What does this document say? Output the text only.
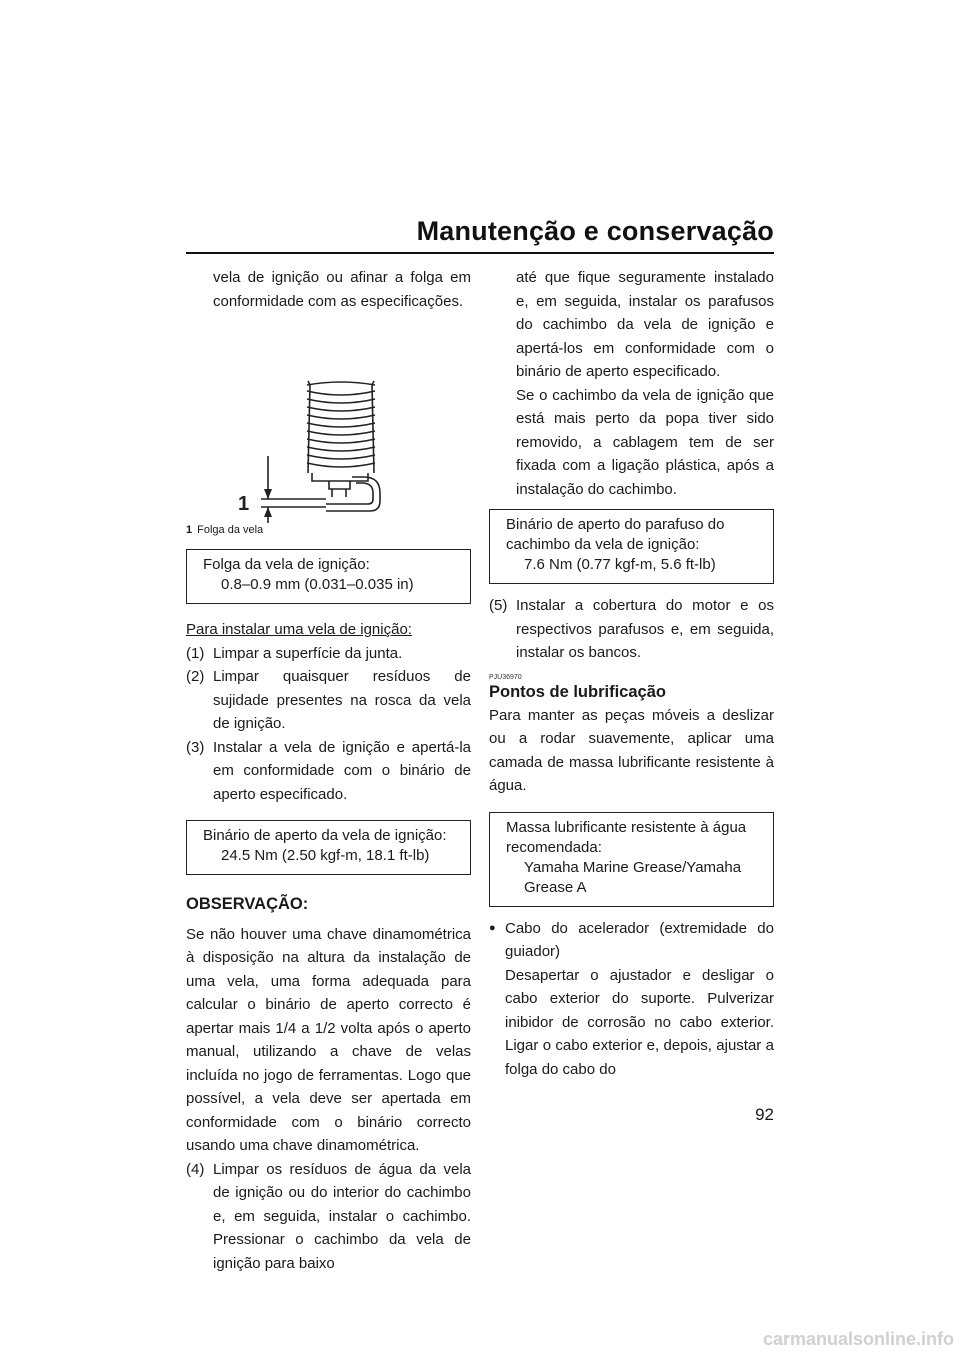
Manutenção e conservação

vela de ignição ou afinar a folga em conformidade com as especificações.

1
1 Folga da vela
Folga da vela de ignição:
0.8–0.9 mm (0.031–0.035 in)

Para instalar uma vela de ignição:

(1) Limpar a superfície da junta.
(2) Limpar quaisquer resíduos de sujidade presentes na rosca da vela de ignição.
(3) Instalar a vela de ignição e apertá-la em conformidade com o binário de aperto especificado.
Binário de aperto da vela de ignição:
24.5 Nm (2.50 kgf-m, 18.1 ft-lb)
OBSERVAÇÃO:

Se não houver uma chave dinamométrica à disposição na altura da instalação de uma vela, uma forma adequada para calcular o binário de aperto correcto é apertar mais 1/4 a 1/2 volta após o aperto manual, utilizando a chave de velas incluída no jogo de ferramentas. Logo que possível, a vela deve ser apertada em conformidade com o binário correcto usando uma chave dinamométrica.

(4) Limpar os resíduos de água da vela de ignição ou do interior do cachimbo e, em seguida, instalar o cachimbo. Pressionar o cachimbo da vela de ignição para baixo

até que fique seguramente instalado e, em seguida, instalar os parafusos do cachimbo da vela de ignição e apertá-los em conformidade com o binário de aperto especificado.

Se o cachimbo da vela de ignição que está mais perto da popa tiver sido removido, a cablagem tem de ser fixada com a ligação plástica, após a instalação do cachimbo.

Binário de aperto do parafuso do cachimbo da vela de ignição:
7.6 Nm (0.77 kgf-m, 5.6 ft-lb)
(5) Instalar a cobertura do motor e os respectivos parafusos e, em seguida, instalar os bancos.
PJU36970
Pontos de lubrificação

Para manter as peças móveis a deslizar ou a rodar suavemente, aplicar uma camada de massa lubrificante resistente à água.

Massa lubrificante resistente à água recomendada:
Yamaha Marine Grease/Yamaha Grease A
● Cabo do acelerador (extremidade do guiador)
Desapertar o ajustador e desligar o cabo exterior do suporte. Pulverizar inibidor de corrosão no cabo exterior. Ligar o cabo exterior e, depois, ajustar a folga do cabo do
92
carmanualsonline.info
